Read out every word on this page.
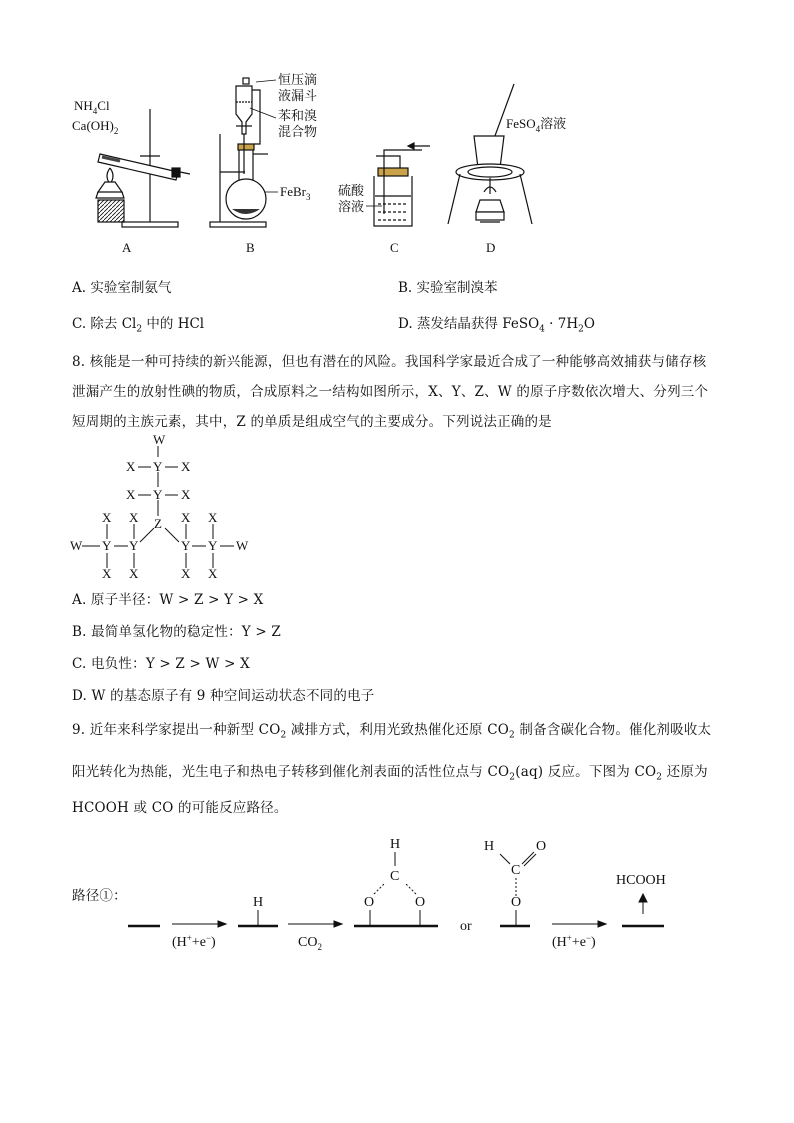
$NH_4Cl$
$Ca(OH)_2$
A
恒压滴
液漏斗
苯和溴
混合物
FeBr$_3$
B
硫酸
溶液
C
FeSO$_4$溶液
D
A. 实验室制氨气	B. 实验室制溴苯
C. 除去 $Cl_2$ 中的 HCl	D. 蒸发结晶获得 FeSO$_4$ · $7H_2O$
8. 核能是一种可持续的新兴能源，但也有潜在的风险。我国科学家最近合成了一种能够高效捕获与储存核
泄漏产生的放射性碘的物质，合成原料之一结构如图所示，X、Y、Z、W 的原子序数依次增大、分列三个
短周期的主族元素，其中，Z 的单质是组成空气的主要成分。下列说法正确的是
W
X Y X
X Y X
Z
X X	X X
W Y Y	Y Y W
X X	X X
A. 原子半径：W > Z > Y > X
B. 最简单氢化物的稳定性：Y > Z
C. 电负性：Y > Z > W > X
D. W 的基态原子有 9 种空间运动状态不同的电子
9. 近年来科学家提出一种新型 $CO_2$ 减排方式，利用光致热催化还原 $CO_2$ 制备含碳化合物。催化剂吸收太
阳光转化为热能，光生电子和热电子转移到催化剂表面的活性位点与 $CO_2(aq)$ 反应。下图为 $CO_2$ 还原为
HCOOH 或 CO 的可能反应路径。
路径①：	H
H
C
O	O
or
H
C
O
O
HCOOH
(H++e−)	$CO_2$	(H++e−)
